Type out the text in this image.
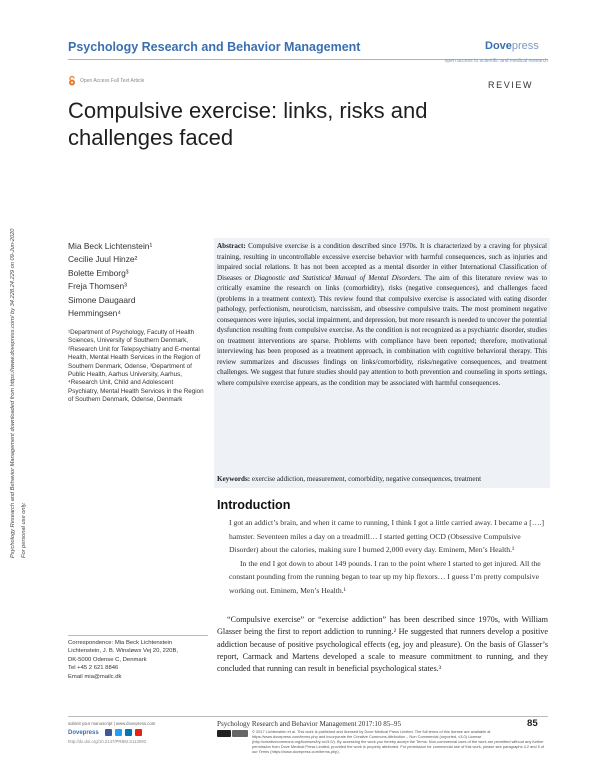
Psychology Research and Behavior Management	Dovepress
open access to scientific and medical research
Open Access Full Text Article	REVIEW
Compulsive exercise: links, risks and challenges faced
Psychology Research and Behavior Management downloaded from https://www.dovepress.com/ by 34.228.24.229 on 09-Jun-2020 For personal use only.
Mia Beck Lichtenstein¹
Cecilie Juul Hinze²
Bolette Emborg³
Freja Thomsen³
Simone Daugaard
Hemmingsen⁴
¹Department of Psychology, Faculty of Health Sciences, University of Southern Denmark, ²Research Unit for Telepsychiatry and E-mental Health, Mental Health Services in the Region of Southern Denmark, Odense, ³Department of Public Health, Aarhus University, Aarhus, ⁴Research Unit, Child and Adolescent Psychiatry, Mental Health Services in the Region of Southern Denmark, Odense, Denmark
Abstract: Compulsive exercise is a condition described since 1970s. It is characterized by a craving for physical training, resulting in uncontrollable excessive exercise behavior with harmful consequences, such as injuries and impaired social relations. It has not been accepted as a mental disorder in either International Classification of Diseases or Diagnostic and Statistical Manual of Mental Disorders. The aim of this literature review was to critically examine the research on links (comorbidity), risks (negative consequences), and challenges faced (problems in a treatment context). This review found that compulsive exercise is associated with eating disorder pathology, perfectionism, neuroticism, narcissism, and obsessive compulsive traits. The most prominent negative consequences were injuries, social impairment, and depression, but more research is needed to uncover the potential dysfunction resulting from compulsive exercise. As the condition is not recognized as a psychiatric disorder, studies on treatment interventions are sparse. Problems with compliance have been reported; therefore, motivational interviewing has been proposed as a treatment approach, in combination with cognitive behavioral therapy. This review summarizes and discusses findings on links/comorbidity, risks/negative consequences, and treatment challenges. We suggest that future studies should pay attention to both prevention and counseling in sports settings, where compulsive exercise appears, as the condition may be associated with harmful consequences.
Keywords: exercise addiction, measurement, comorbidity, negative consequences, treatment
Introduction

I got an addict’s brain, and when it came to running, I think I got a little carried away. I became a [….] hamster. Seventeen miles a day on a treadmill… I started getting OCD (Obsessive Compulsive Disorder) about the calories, making sure I burned 2,000 every day. Eminem, Men’s Health.¹

In the end I got down to about 149 pounds. I ran to the point where I started to get injured. All the constant pounding from the running began to tear up my hip flexors… I guess I’m pretty compulsive working out. Eminem, Men’s Health.¹

“Compulsive exercise” or “exercise addiction” has been described since 1970s, with William Glasser being the first to report addiction to running.² He suggested that runners develop a positive addiction because of positive psychological effects (eg, joy and pleasure). On the basis of Glasser’s report, Carmack and Martens developed a scale to measure commitment to running, and they concluded that running can result in beneficial psychological states.³
Correspondence: Mia Beck Lichtenstein
Lichtenstein, J. B. Winsløws Vej 20, 220B,
DK-5000 Odense C, Denmark
Tel +45 2 621 8846
Email mia@mailc.dk
submit your manuscript | www.dovepress.com
Dovepress
http://dx.doi.org/10.2147/PRBM.S113093
Psychology Research and Behavior Management 2017:10 85–95	85
© 2017 Lichtenstein et al. This work is published and licensed by Dove Medical Press Limited. The full terms of this license are available at https://www.dovepress.com/terms.php and incorporate the Creative Commons Attribution – Non Commercial (unported, v3.0) License (http://creativecommons.org/licenses/by-nc/3.0/). By accessing the work you hereby accept the Terms. Non-commercial uses of the work are permitted without any further permission from Dove Medical Press Limited, provided the work is properly attributed. For permission for commercial use of this work, please see paragraphs 4.2 and 5 of our Terms (https://www.dovepress.com/terms.php).
